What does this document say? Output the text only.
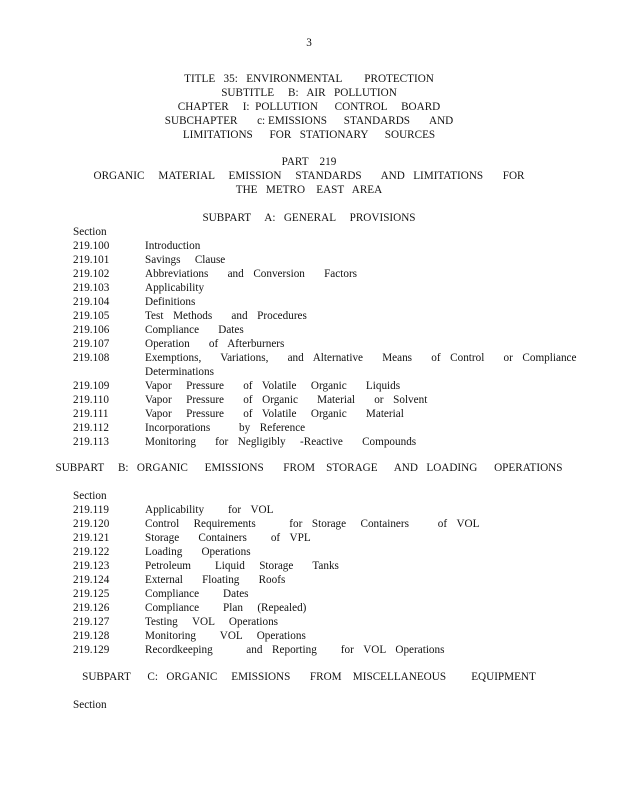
3
TITLE   35:   ENVIRONMENTAL        PROTECTION
SUBTITLE     B:   AIR   POLLUTION
CHAPTER     I:  POLLUTION      CONTROL     BOARD
SUBCHAPTER       c: EMISSIONS      STANDARDS       AND
LIMITATIONS      FOR   STATIONARY      SOURCES
PART    219
ORGANIC     MATERIAL     EMISSION     STANDARDS       AND   LIMITATIONS       FOR
THE   METRO    EAST   AREA
SUBPART     A:   GENERAL     PROVISIONS
Section
219.100	Introduction
219.101	Savings   Clause
219.102	Abbreviations    and  Conversion    Factors
219.103	Applicability
219.104	Definitions
219.105	Test  Methods    and  Procedures
219.106	Compliance    Dates
219.107	Operation    of  Afterburners
219.108	Exemptions,    Variations,    and  Alternative    Means    of  Control    or  Compliance Determinations
219.109	Vapor   Pressure    of  Volatile   Organic    Liquids
219.110	Vapor   Pressure    of  Organic    Material    or  Solvent
219.111	Vapor   Pressure    of  Volatile   Organic    Material
219.112	Incorporations      by  Reference
219.113	Monitoring    for  Negligibly   -Reactive    Compounds
SUBPART     B:   ORGANIC      EMISSIONS       FROM    STORAGE      AND   LOADING      OPERATIONS
Section
219.119	Applicability     for  VOL
219.120	Control   Requirements       for  Storage   Containers      of  VOL
219.121	Storage    Containers     of  VPL
219.122	Loading    Operations
219.123	Petroleum     Liquid   Storage    Tanks
219.124	External    Floating    Roofs
219.125	Compliance     Dates
219.126	Compliance     Plan   (Repealed)
219.127	Testing   VOL   Operations
219.128	Monitoring     VOL   Operations
219.129	Recordkeeping       and  Reporting     for  VOL  Operations
SUBPART      C:   ORGANIC     EMISSIONS       FROM    MISCELLANEOUS         EQUIPMENT
Section
